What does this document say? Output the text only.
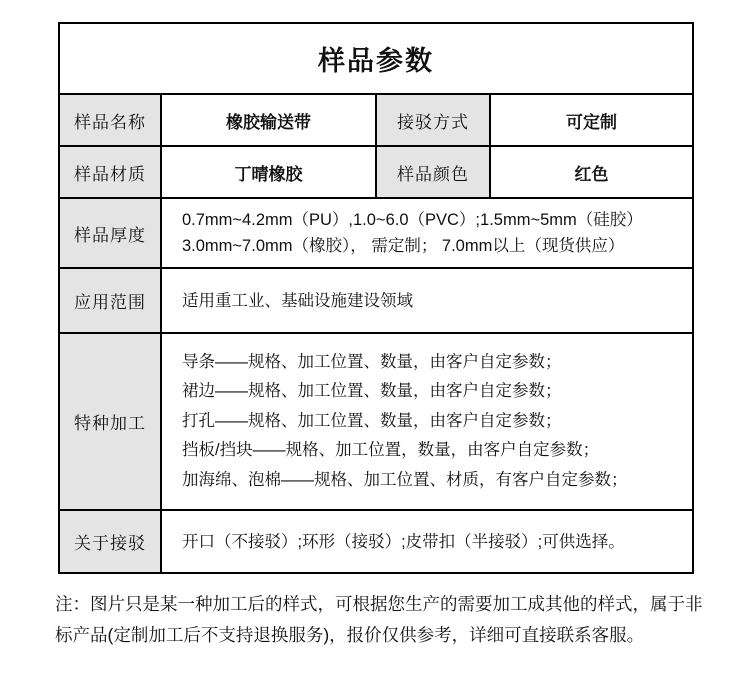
样品参数			
样品名称	橡胶输送带	接驳方式	可定制
样品材质	丁晴橡胶	样品颜色	红色
样品厚度	0.7mm~4.2mm（PU）,1.0~6.0（PVC）;1.5mm~5mm（硅胶）
3.0mm~7.0mm（橡胶）， 需定制； 7.0mm以上（现货供应）		

应用范围	适用重工业、基础设施建设领域		

特种加工	导条——规格、加工位置、数量，由客户自定参数；
裙边——规格、加工位置、数量，由客户自定参数；
打孔——规格、加工位置、数量，由客户自定参数；
挡板/挡块——规格、加工位置，数量，由客户自定参数；
加海绵、泡棉——规格、加工位置、材质，有客户自定参数；		

关于接驳	开口（不接驳）;环形（接驳）;皮带扣（半接驳）;可供选择。		
注：图片只是某一种加工后的样式，可根据您生产的需要加工成其他的样式，属于非标产品(定制加工后不支持退换服务)，报价仅供参考，详细可直接联系客服。
